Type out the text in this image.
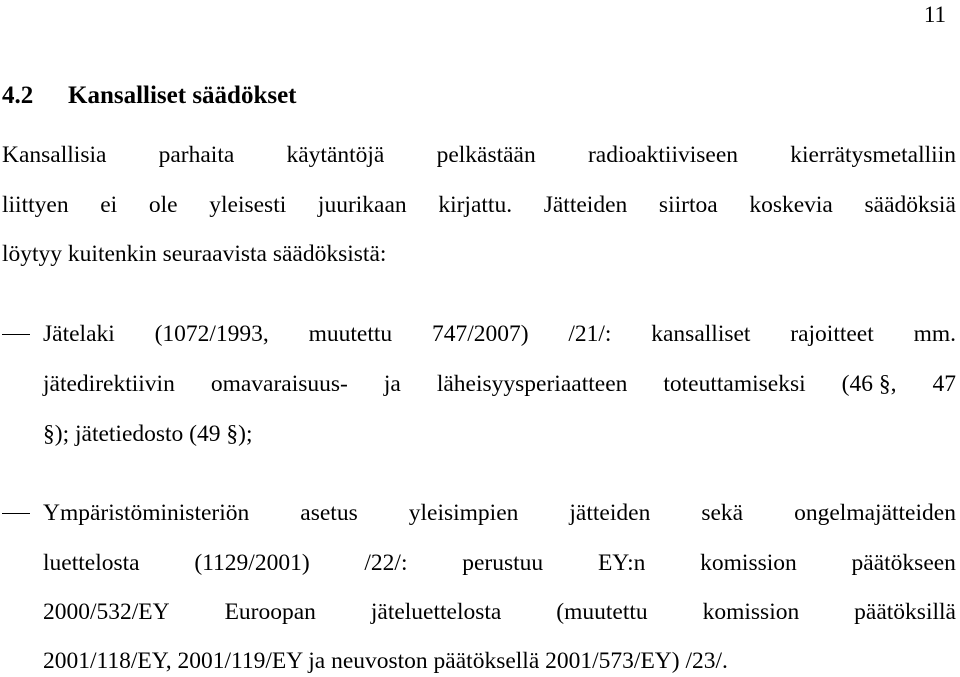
11
4.2 Kansalliset säädökset
Kansallisia parhaita käytäntöjä pelkästään radioaktiiviseen kierrätysmetalliin
liittyen ei ole yleisesti juurikaan kirjattu. Jätteiden siirtoa koskevia säädöksiä
löytyy kuitenkin seuraavista säädöksistä:
Jätelaki (1072/1993, muutettu 747/2007) /21/: kansalliset rajoitteet mm.
jätedirektiivin omavaraisuus- ja läheisyysperiaatteen toteuttamiseksi (46 §, 47
§); jätetiedosto (49 §);
Ympäristöministeriön asetus yleisimpien jätteiden sekä ongelmajätteiden
luettelosta (1129/2001) /22/: perustuu EY:n komission päätökseen
2000/532/EY Euroopan jäteluettelosta (muutettu komission päätöksillä
2001/118/EY, 2001/119/EY ja neuvoston päätöksellä 2001/573/EY) /23/.
